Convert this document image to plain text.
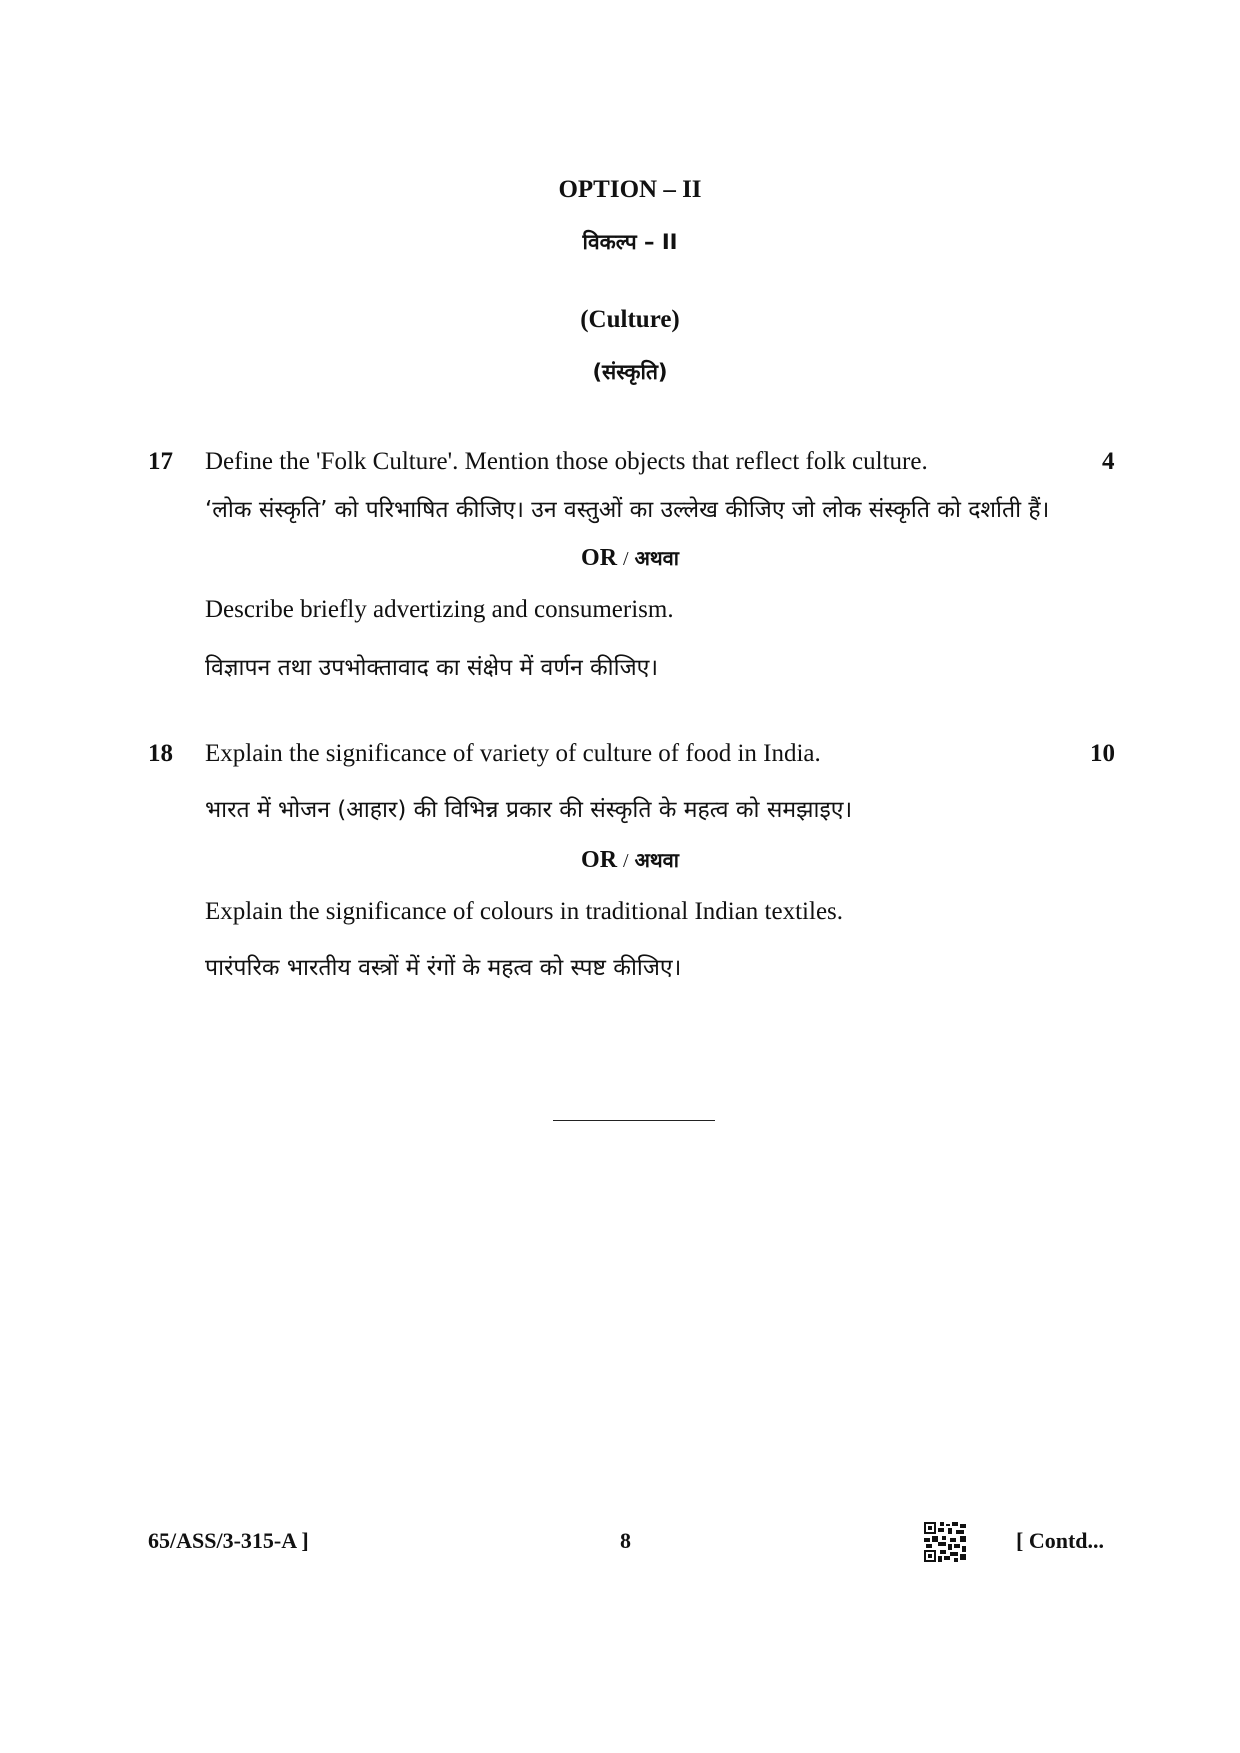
OPTION – II
विकल्प – II
(Culture)
(संस्कृति)
17 Define the 'Folk Culture'. Mention those objects that reflect folk culture.	4
‘लोक संस्कृति’ को परिभाषित कीजिए। उन वस्तुओं का उल्लेख कीजिए जो लोक संस्कृति को दर्शाती हैं।
OR / अथवा
Describe briefly advertizing and consumerism.
विज्ञापन तथा उपभोक्तावाद का संक्षेप में वर्णन कीजिए।
18 Explain the significance of variety of culture of food in India.	10
भारत में भोजन (आहार) की विभिन्न प्रकार की संस्कृति के महत्व को समझाइए।
OR / अथवा
Explain the significance of colours in traditional Indian textiles.
पारंपरिक भारतीय वस्त्रों में रंगों के महत्व को स्पष्ट कीजिए।
65/ASS/3-315-A ]	8	[ Contd...
